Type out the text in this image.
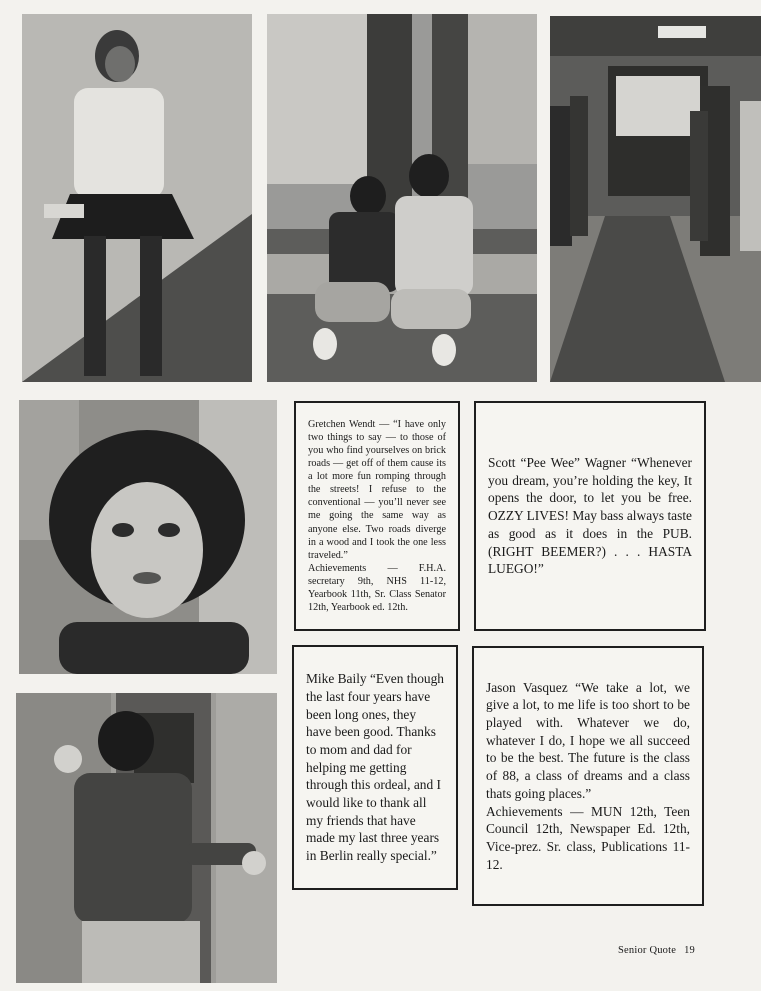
Gretchen Wendt — “I have only two things to say — to those of you who find yourselves on brick roads — get off of them cause its a lot more fun romping through the streets! I refuse to the conventional — you’ll never see me going the same way as anyone else. Two roads diverge in a wood and I took the one less traveled.”

Achievements — F.H.A. secretary 9th, NHS 11-12, Yearbook 11th, Sr. Class Senator 12th, Yearbook ed. 12th.

Scott “Pee Wee” Wagner “Whenever you dream, you’re holding the key, It opens the door, to let you be free. OZZY LIVES! May bass always taste as good as it does in the PUB. (RIGHT BEEMER?) . . . HASTA LUEGO!”

Mike Baily “Even though the last four years have been long ones, they have been good. Thanks to mom and dad for helping me getting through this ordeal, and I would like to thank all my friends that have made my last three years in Berlin really special.”

Jason Vasquez “We take a lot, we give a lot, to me life is too short to be played with. Whatever we do, whatever I do, I hope we all succeed to be the best. The future is the class of 88, a class of dreams and a class thats going places.”

Achievements — MUN 12th, Teen Council 12th, Newspaper Ed. 12th, Vice-prez. Sr. class, Publications 11-12.

Senior Quote 19
